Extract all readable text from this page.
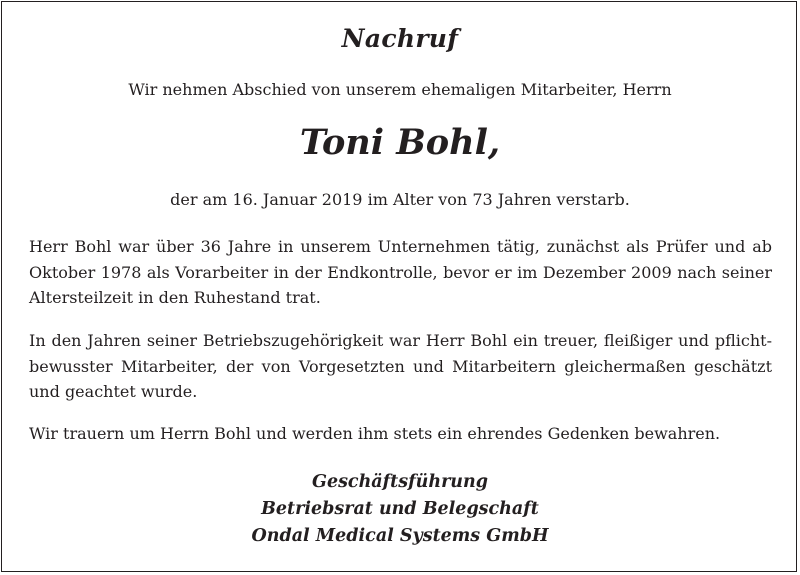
Nachruf
Wir nehmen Abschied von unserem ehemaligen Mitarbeiter, Herrn
Toni Bohl,
der am 16. Januar 2019 im Alter von 73 Jahren verstarb.

Herr Bohl war über 36 Jahre in unserem Unternehmen tätig, zunächst als Prüfer und ab Oktober 1978 als Vorarbeiter in der Endkontrolle, bevor er im Dezember 2009 nach seiner Altersteilzeit in den Ruhestand trat.

In den Jahren seiner Betriebszugehörigkeit war Herr Bohl ein treuer, fleißiger und pflichtbewusster Mitarbeiter, der von Vorgesetzten und Mitarbeitern gleichermaßen geschätzt und geachtet wurde.

Wir trauern um Herrn Bohl und werden ihm stets ein ehrendes Gedenken bewahren.

Geschäftsführung
Betriebsrat und Belegschaft
Ondal Medical Systems GmbH
